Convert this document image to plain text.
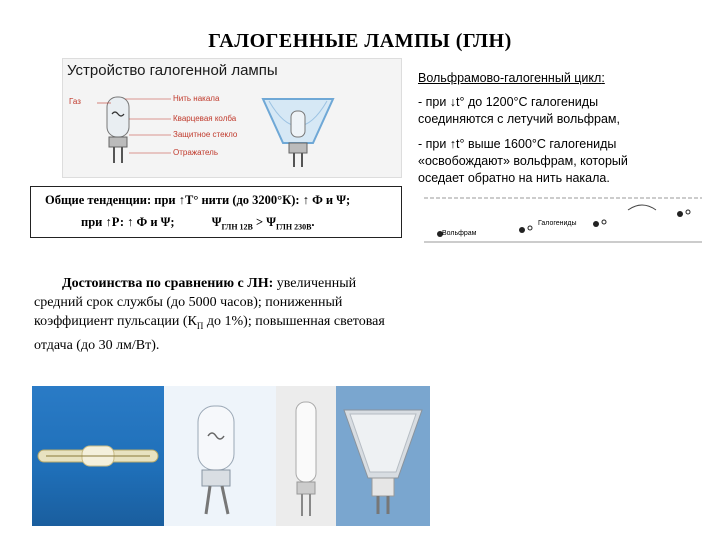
ГАЛОГЕННЫЕ ЛАМПЫ (ГЛН)
Устройство галогенной лампы
Газ	Нить накала
Кварцевая колба
Защитное стекло
Отражатель
Вольфрамово-галогенный цикл:
- при ↓t° до 1200°С галогениды
соединяются с летучий вольфрам,
- при ↑t° выше 1600°С галогениды
«освобождают» вольфрам, который
оседает обратно на нить накала.
Вольфрам
Галогениды
Общие тенденции: при ↑Т° нити (до 3200°К): ↑ Ф и Ψ;
при ↑Р: ↑ Ф и Ψ;	$\Psi_{ГЛН 12В} > \Psi_{ГЛН 230В}$.
Достоинства по сравнению с ЛН: увеличенный средний срок службы (до 5000 часов); пониженный коэффициент пульсации ($К_П$ до 1%); повышенная световая отдача (до 30 лм/Вт).
